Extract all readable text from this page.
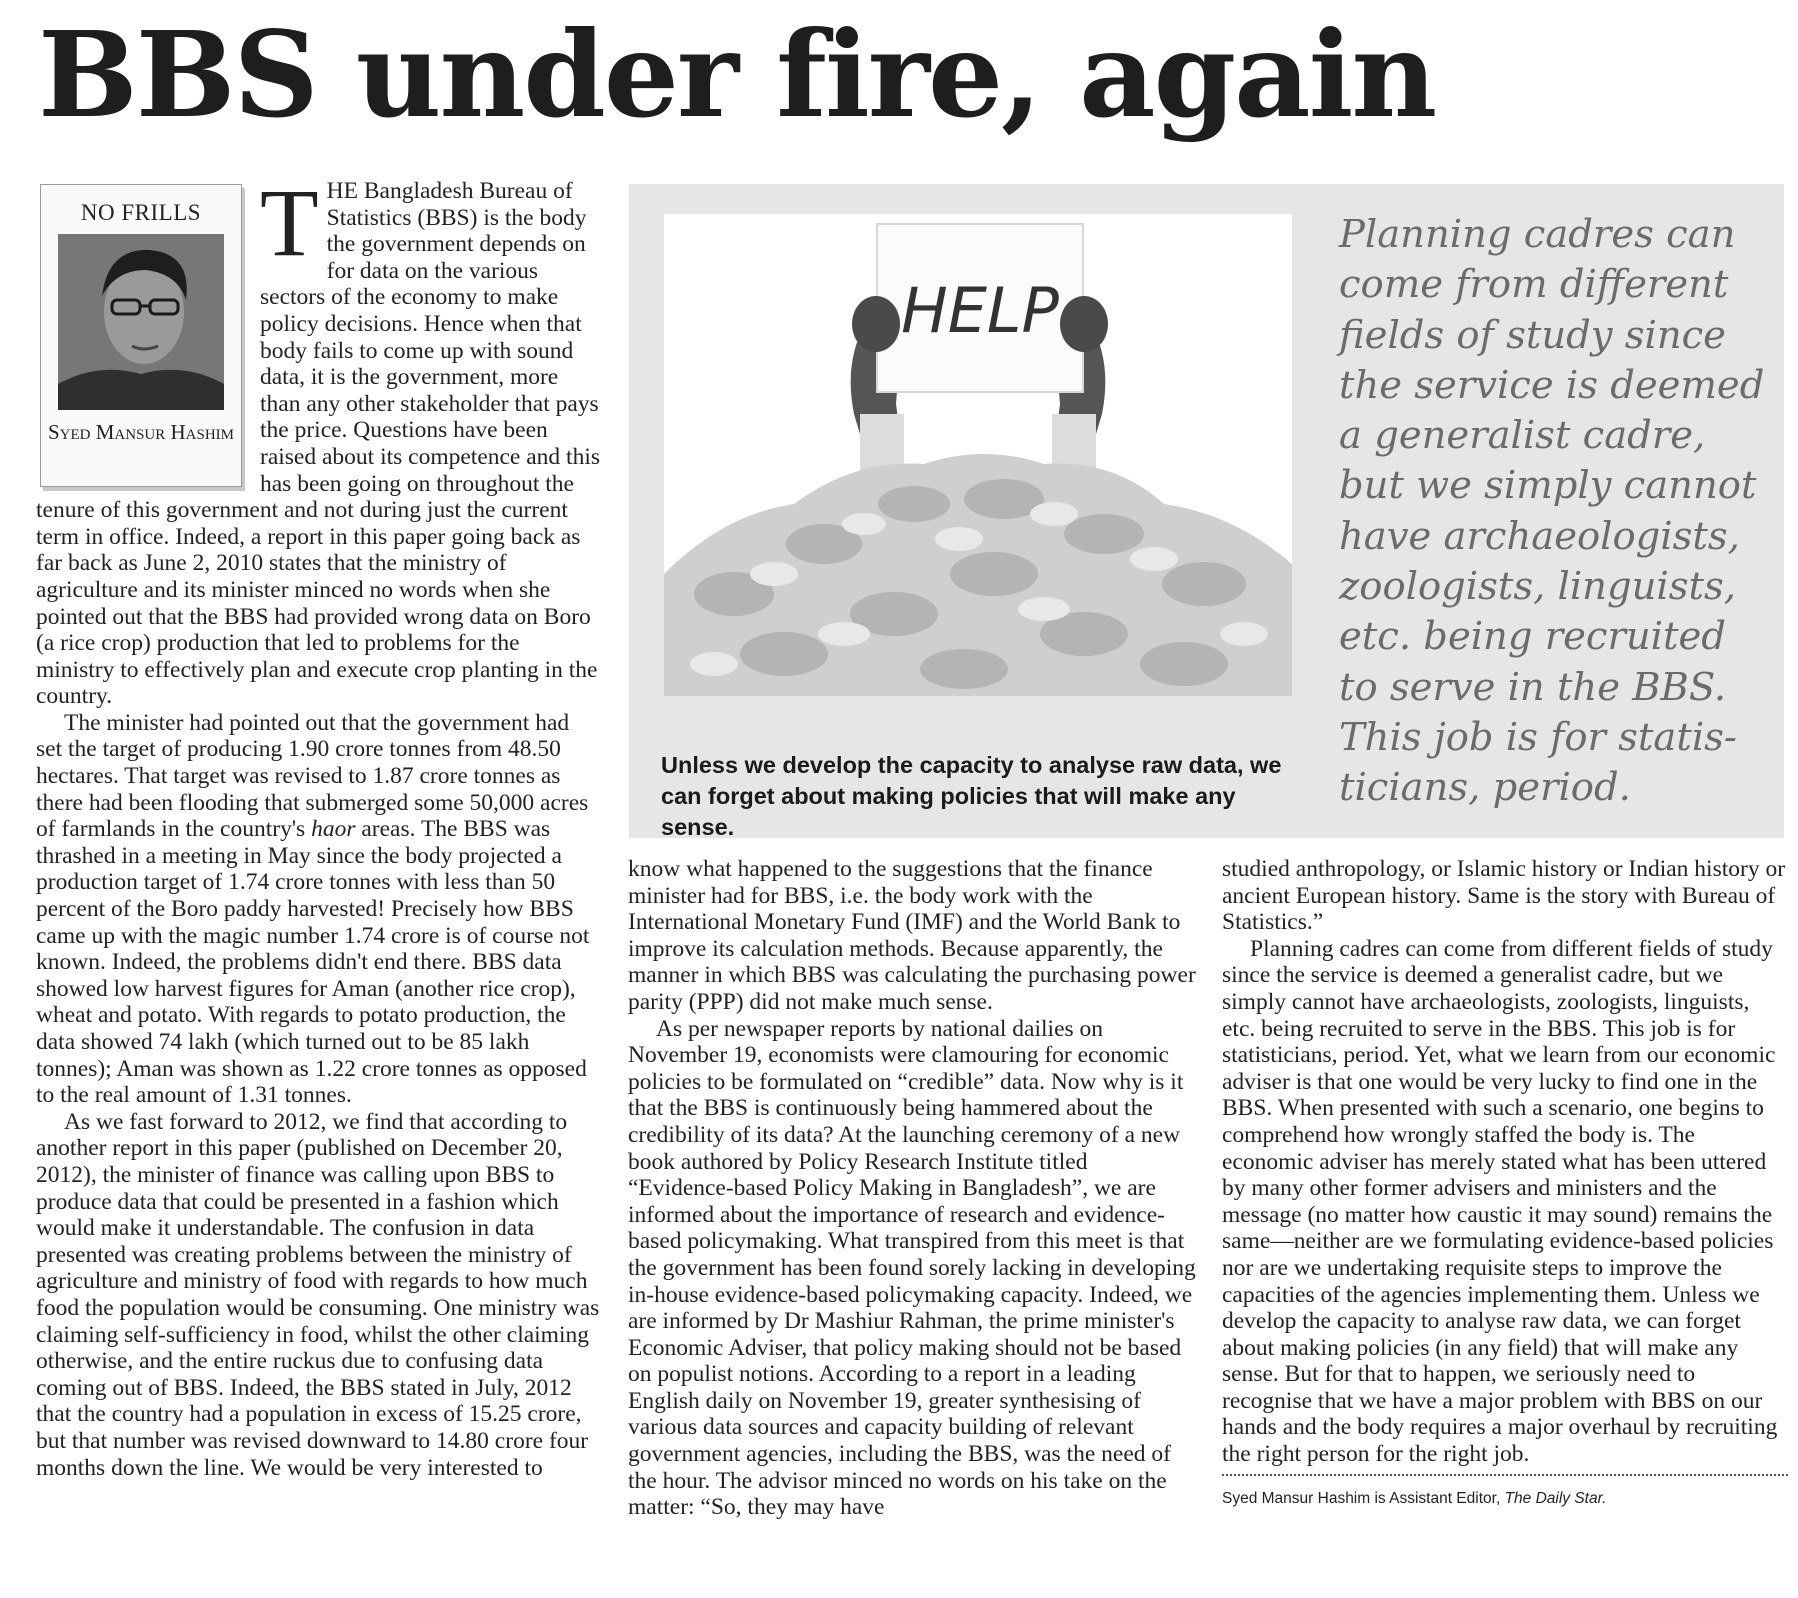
BBS under fire, again
NO FRILLS
Syed Mansur Hashim

THE Bangladesh Bureau of Statistics (BBS) is the body the government depends on for data on the various sectors of the economy to make policy decisions. Hence when that body fails to come up with sound data, it is the government, more than any other stakeholder that pays the price. Questions have been raised about its competence and this has been going on throughout the tenure of this government and not during just the current term in office. Indeed, a report in this paper going back as far back as June 2, 2010 states that the ministry of agriculture and its minister minced no words when she pointed out that the BBS had provided wrong data on Boro (a rice crop) production that led to problems for the ministry to effectively plan and execute crop planting in the country.

The minister had pointed out that the government had set the target of producing 1.90 crore tonnes from 48.50 hectares. That target was revised to 1.87 crore tonnes as there had been flooding that submerged some 50,000 acres of farmlands in the country's haor areas. The BBS was thrashed in a meeting in May since the body projected a production target of 1.74 crore tonnes with less than 50 percent of the Boro paddy harvested! Precisely how BBS came up with the magic number 1.74 crore is of course not known. Indeed, the problems didn't end there. BBS data showed low harvest figures for Aman (another rice crop), wheat and potato. With regards to potato production, the data showed 74 lakh (which turned out to be 85 lakh tonnes); Aman was shown as 1.22 crore tonnes as opposed to the real amount of 1.31 tonnes.

As we fast forward to 2012, we find that according to another report in this paper (published on December 20, 2012), the minister of finance was calling upon BBS to produce data that could be presented in a fashion which would make it understandable. The confusion in data presented was creating problems between the ministry of agriculture and ministry of food with regards to how much food the population would be consuming. One ministry was claiming self-sufficiency in food, whilst the other claiming otherwise, and the entire ruckus due to confusing data coming out of BBS. Indeed, the BBS stated in July, 2012 that the country had a population in excess of 15.25 crore, but that number was revised downward to 14.80 crore four months down the line. We would be very interested to

HELP
Unless we develop the capacity to analyse raw data, we can forget about making policies that will make any sense.
Planning cadres can come from different fields of study since the service is deemed a generalist cadre, but we simply cannot have archaeologists, zoologists, linguists, etc. being recruited to serve in the BBS. This job is for statis- ticians, period.

know what happened to the suggestions that the finance minister had for BBS, i.e. the body work with the International Monetary Fund (IMF) and the World Bank to improve its calculation methods. Because apparently, the manner in which BBS was calculating the purchasing power parity (PPP) did not make much sense.

As per newspaper reports by national dailies on November 19, economists were clamouring for economic policies to be formulated on “credible” data. Now why is it that the BBS is continuously being hammered about the credibility of its data? At the launching ceremony of a new book authored by Policy Research Institute titled “Evidence-based Policy Making in Bangladesh”, we are informed about the importance of research and evidence-based policymaking. What transpired from this meet is that the government has been found sorely lacking in developing in-house evidence-based policymaking capacity. Indeed, we are informed by Dr Mashiur Rahman, the prime minister's Economic Adviser, that policy making should not be based on populist notions. According to a report in a leading English daily on November 19, greater synthesising of various data sources and capacity building of relevant government agencies, including the BBS, was the need of the hour. The advisor minced no words on his take on the matter: “So, they may have

studied anthropology, or Islamic history or Indian history or ancient European history. Same is the story with Bureau of Statistics.”

Planning cadres can come from different fields of study since the service is deemed a generalist cadre, but we simply cannot have archaeologists, zoologists, linguists, etc. being recruited to serve in the BBS. This job is for statisticians, period. Yet, what we learn from our economic adviser is that one would be very lucky to find one in the BBS. When presented with such a scenario, one begins to comprehend how wrongly staffed the body is. The economic adviser has merely stated what has been uttered by many other former advisers and ministers and the message (no matter how caustic it may sound) remains the same—neither are we formulating evidence-based policies nor are we undertaking requisite steps to improve the capacities of the agencies implementing them. Unless we develop the capacity to analyse raw data, we can forget about making policies (in any field) that will make any sense. But for that to happen, we seriously need to recognise that we have a major problem with BBS on our hands and the body requires a major overhaul by recruiting the right person for the right job.

Syed Mansur Hashim is Assistant Editor, The Daily Star.
